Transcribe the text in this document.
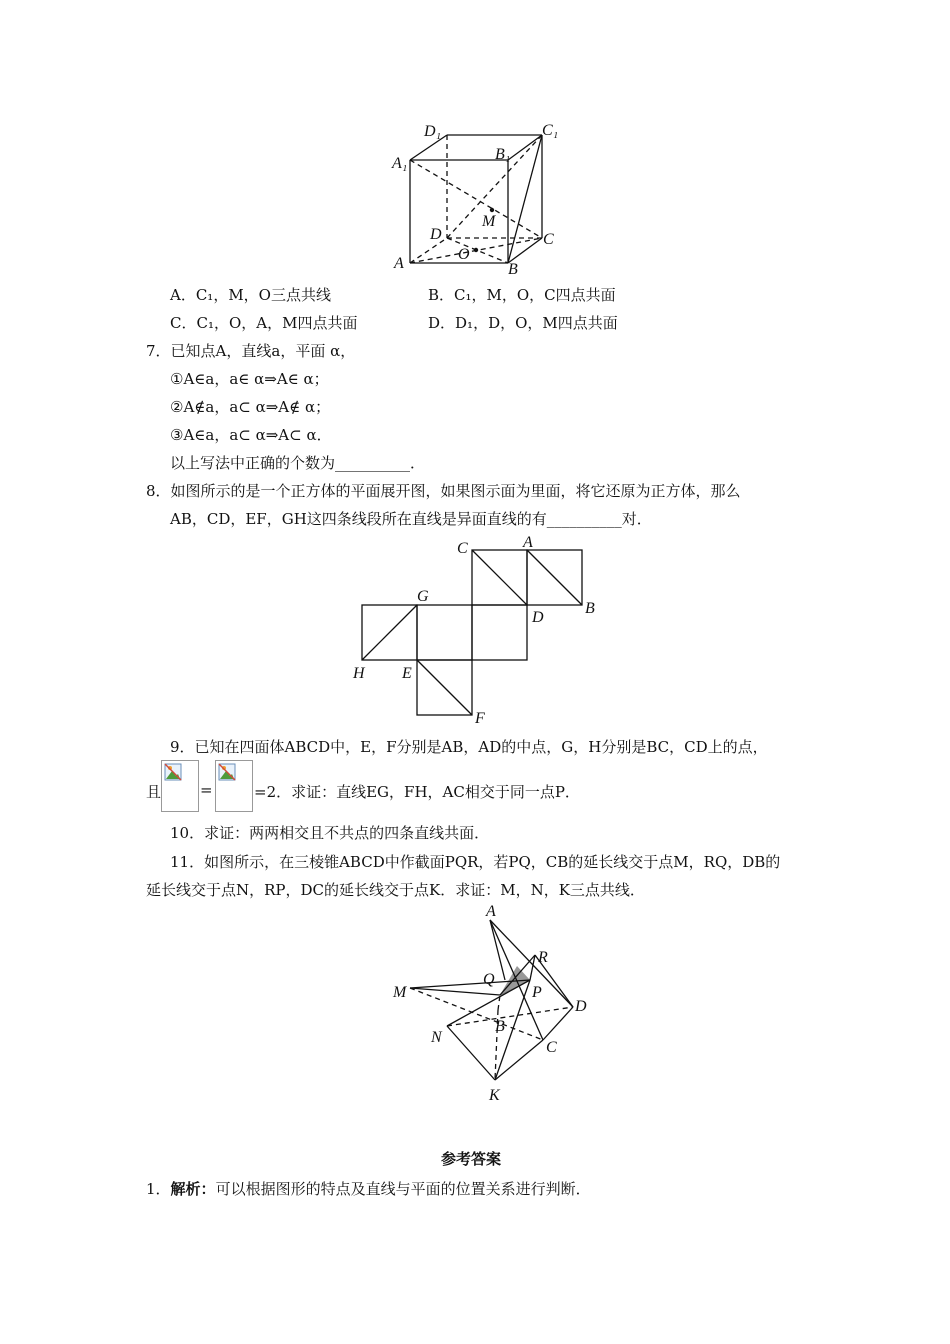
D₁	C₁
A₁
B₁
M
D	C
O
A	B
A．C₁，M，O三点共线	B．C₁，M，O，C四点共面
C．C₁，O，A，M四点共面	D．D₁，D，O，M四点共面
7．已知点A，直线a，平面 α，
①A∈a，a∈ α⇒A∈ α；
②A∉a，a⊂ α⇒A∉ α；
③A∈a，a⊂ α⇒A⊂ α．
以上写法中正确的个数为__________．
8．如图所示的是一个正方体的平面展开图，如果图示面为里面，将它还原为正方体，那么
AB，CD，EF，GH这四条线段所在直线是异面直线的有__________对．
C	A
G
D
B
H E
F
9．已知在四面体ABCD中，E，F分别是AB，AD的中点，G，H分别是BC，CD上的点，
且	=	=2．求证：直线EG，FH，AC相交于同一点P．
10．求证：两两相交且不共点的四条直线共面．
11．如图所示，在三棱锥ABCD中作截面PQR，若PQ，CB的延长线交于点M，RQ，DB的
延长线交于点N，RP，DC的延长线交于点K．求证：M，N，K三点共线．
A
R
Q
P
M
D
B
N
C
K
参考答案
1．解析：可以根据图形的特点及直线与平面的位置关系进行判断．
